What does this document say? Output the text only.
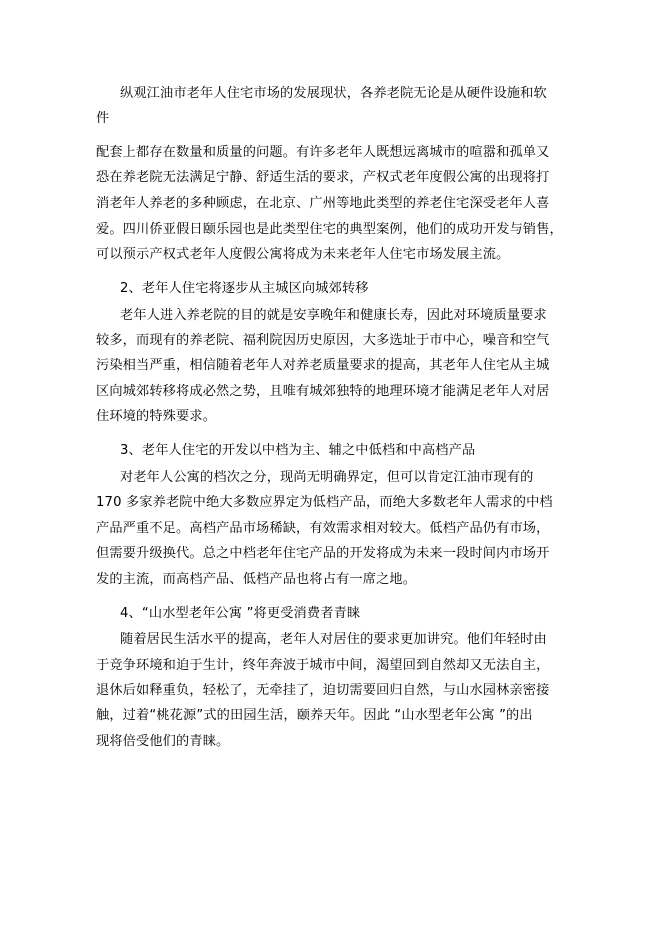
纵观江油市老年人住宅市场的发展现状，各养老院无论是从硬件设施和软
件
配套上都存在数量和质量的问题。有许多老年人既想远离城市的喧嚣和孤单又
恐在养老院无法满足宁静、舒适生活的要求，产权式老年度假公寓的出现将打
消老年人养老的多种顾虑，在北京、广州等地此类型的养老住宅深受老年人喜
爱。四川侨亚假日颐乐园也是此类型住宅的典型案例，他们的成功开发与销售，
可以预示产权式老年人度假公寓将成为未来老年人住宅市场发展主流。
2、老年人住宅将逐步从主城区向城郊转移
老年人进入养老院的目的就是安享晚年和健康长寿，因此对环境质量要求
较多，而现有的养老院、福利院因历史原因，大多选址于市中心，噪音和空气
污染相当严重，相信随着老年人对养老质量要求的提高，其老年人住宅从主城
区向城郊转移将成必然之势，且唯有城郊独特的地理环境才能满足老年人对居
住环境的特殊要求。
3、老年人住宅的开发以中档为主、辅之中低档和中高档产品
对老年人公寓的档次之分，现尚无明确界定，但可以肯定江油市现有的
170 多家养老院中绝大多数应界定为低档产品，而绝大多数老年人需求的中档
产品严重不足。高档产品市场稀缺，有效需求相对较大。低档产品仍有市场，
但需要升级换代。总之中档老年住宅产品的开发将成为未来一段时间内市场开
发的主流，而高档产品、低档产品也将占有一席之地。
4、“山水型老年公寓 ”将更受消费者青睐
随着居民生活水平的提高，老年人对居住的要求更加讲究。他们年轻时由
于竞争环境和迫于生计，终年奔波于城市中间，渴望回到自然却又无法自主，
退休后如释重负，轻松了，无牵挂了，迫切需要回归自然，与山水园林亲密接
触，过着“桃花源”式的田园生活，颐养天年。因此 “山水型老年公寓 ”的出
现将倍受他们的青睐。
